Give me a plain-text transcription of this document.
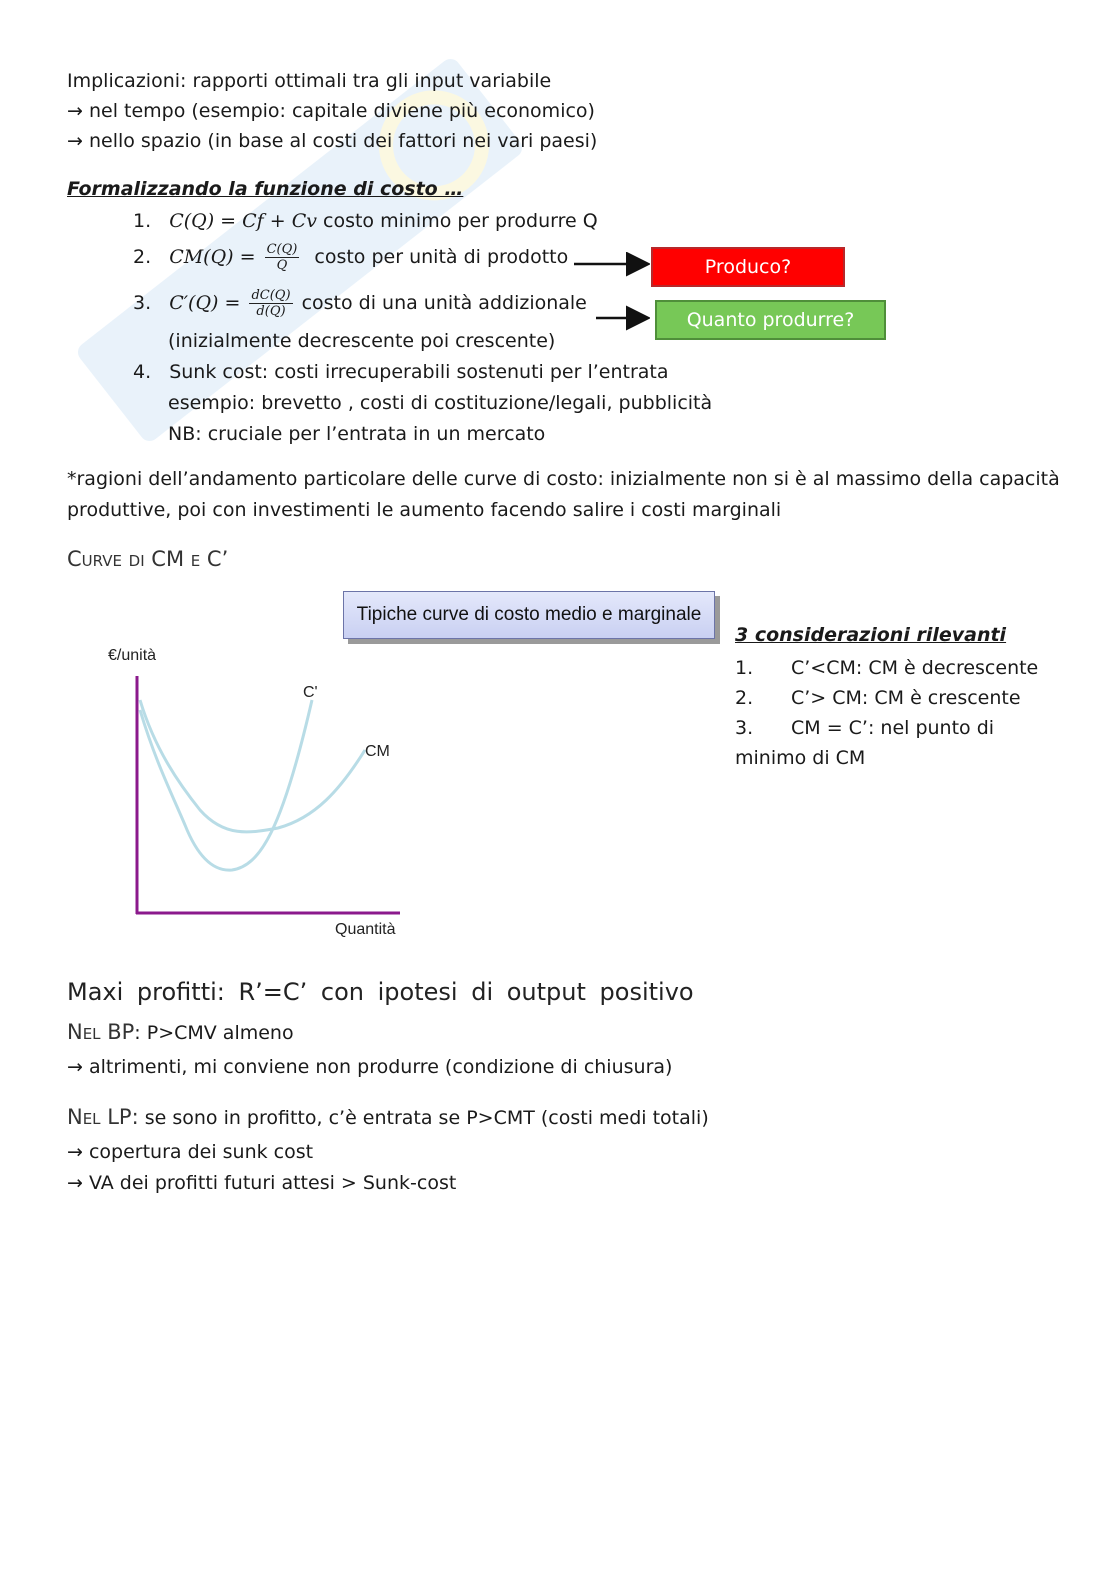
Implicazioni: rapporti ottimali tra gli input variabile
→ nel tempo (esempio: capitale diviene più economico)
→ nello spazio (in base al costi dei fattori nei vari paesi)
Formalizzando la funzione di costo …
1. C(Q) = Cf + Cv costo minimo per produrre Q
2. $CM(Q) = \frac{C(Q)}{Q}$ costo per unità di prodotto
3. $C'(Q) = \frac{dC(Q)}{d(Q)}$ costo di una unità addizionale
(inizialmente decrescente poi crescente)
4. Sunk cost: costi irrecuperabili sostenuti per l’entrata
esempio: brevetto , costi di costituzione/legali, pubblicità
NB: cruciale per l’entrata in un mercato
Produco?
Quanto produrre?
*ragioni dell’andamento particolare delle curve di costo: inizialmente non si è al massimo della capacità
produttive, poi con investimenti le aumento facendo salire i costi marginali
Curve di CM e C’
Tipiche curve di costo medio e marginale
€/unità
C'
CM
Quantità
3 considerazioni rilevanti
1. C’<CM: CM è decrescente
2. C’> CM: CM è crescente
3. CM = C’: nel punto di
minimo di CM
Maxi profitti: R’=C’ con ipotesi di output positivo
Nel BP: P>CMV almeno
→ altrimenti, mi conviene non produrre (condizione di chiusura)
Nel LP: se sono in profitto, c’è entrata se P>CMT (costi medi totali)
→ copertura dei sunk cost
→ VA dei profitti futuri attesi > Sunk-cost
